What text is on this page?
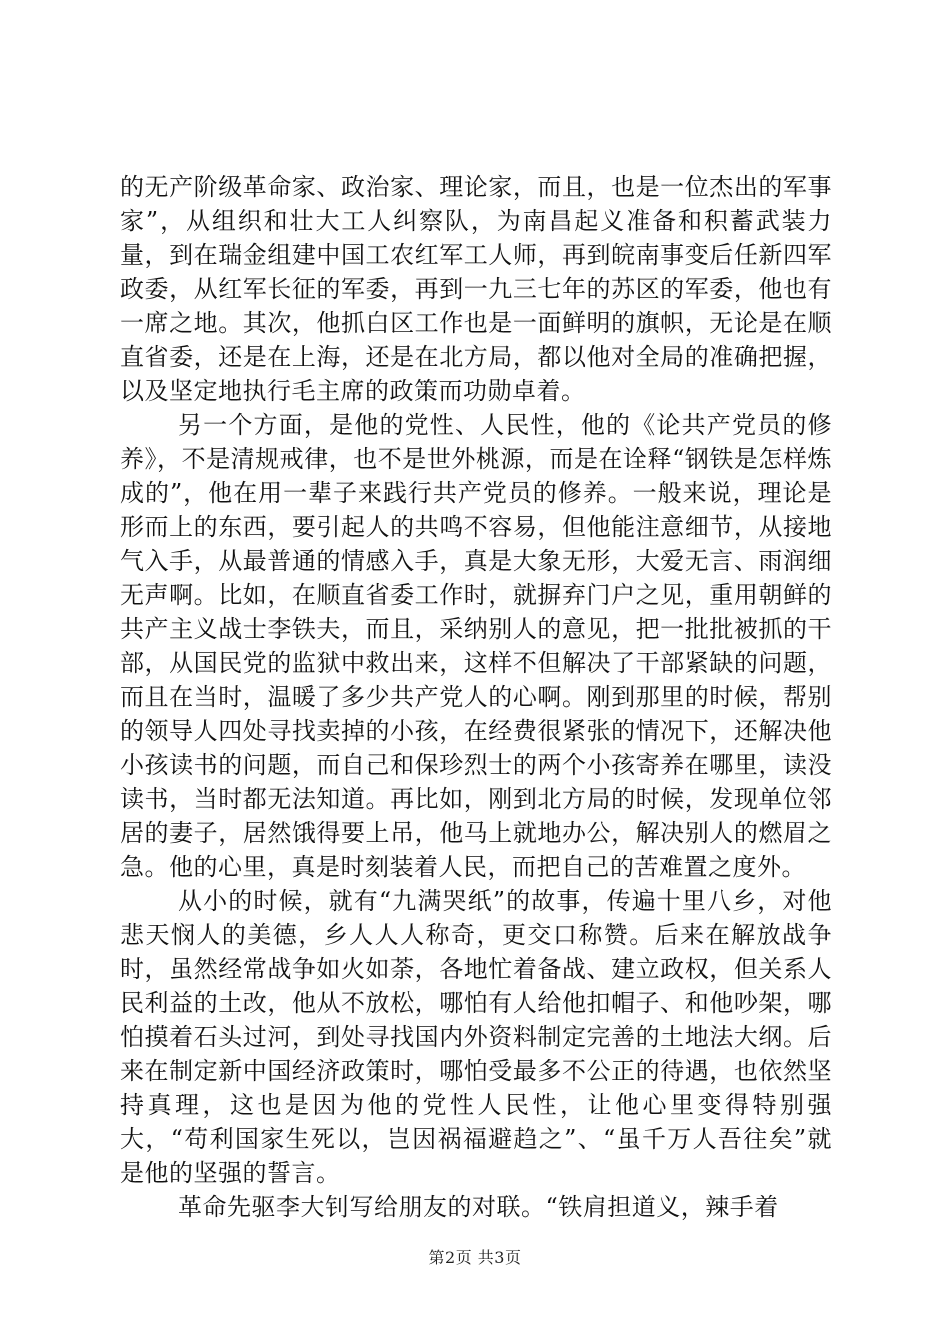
的无产阶级革命家、政治家、理论家，而且，也是一位杰出的军事家”，从组织和壮大工人纠察队，为南昌起义准备和积蓄武装力量，到在瑞金组建中国工农红军工人师，再到皖南事变后任新四军政委，从红军长征的军委，再到一九三七年的苏区的军委，他也有一席之地。其次，他抓白区工作也是一面鲜明的旗帜，无论是在顺直省委，还是在上海，还是在北方局，都以他对全局的准确把握，以及坚定地执行毛主席的政策而功勋卓着。

另一个方面，是他的党性、人民性，他的《论共产党员的修养》，不是清规戒律，也不是世外桃源，而是在诠释“钢铁是怎样炼成的”，他在用一辈子来践行共产党员的修养。一般来说，理论是形而上的东西，要引起人的共鸣不容易，但他能注意细节，从接地气入手，从最普通的情感入手，真是大象无形，大爱无言、雨润细无声啊。比如，在顺直省委工作时，就摒弃门户之见，重用朝鲜的共产主义战士李铁夫，而且，采纳别人的意见，把一批批被抓的干部，从国民党的监狱中救出来，这样不但解决了干部紧缺的问题，而且在当时，温暖了多少共产党人的心啊。刚到那里的时候，帮别的领导人四处寻找卖掉的小孩，在经费很紧张的情况下，还解决他小孩读书的问题，而自己和保珍烈士的两个小孩寄养在哪里，读没读书，当时都无法知道。再比如，刚到北方局的时候，发现单位邻居的妻子，居然饿得要上吊，他马上就地办公，解决别人的燃眉之急。他的心里，真是时刻装着人民，而把自己的苦难置之度外。

从小的时候，就有“九满哭纸”的故事，传遍十里八乡，对他悲天悯人的美德，乡人人人称奇，更交口称赞。后来在解放战争时，虽然经常战争如火如荼，各地忙着备战、建立政权，但关系人民利益的土改，他从不放松，哪怕有人给他扣帽子、和他吵架，哪怕摸着石头过河，到处寻找国内外资料制定完善的土地法大纲。后来在制定新中国经济政策时，哪怕受最多不公正的待遇，也依然坚持真理，这也是因为他的党性人民性，让他心里变得特别强大，“苟利国家生死以，岂因祸福避趋之”、“虽千万人吾往矣”就是他的坚强的誓言。

革命先驱李大钊写给朋友的对联。“铁肩担道义，辣手着

第2页 共3页
